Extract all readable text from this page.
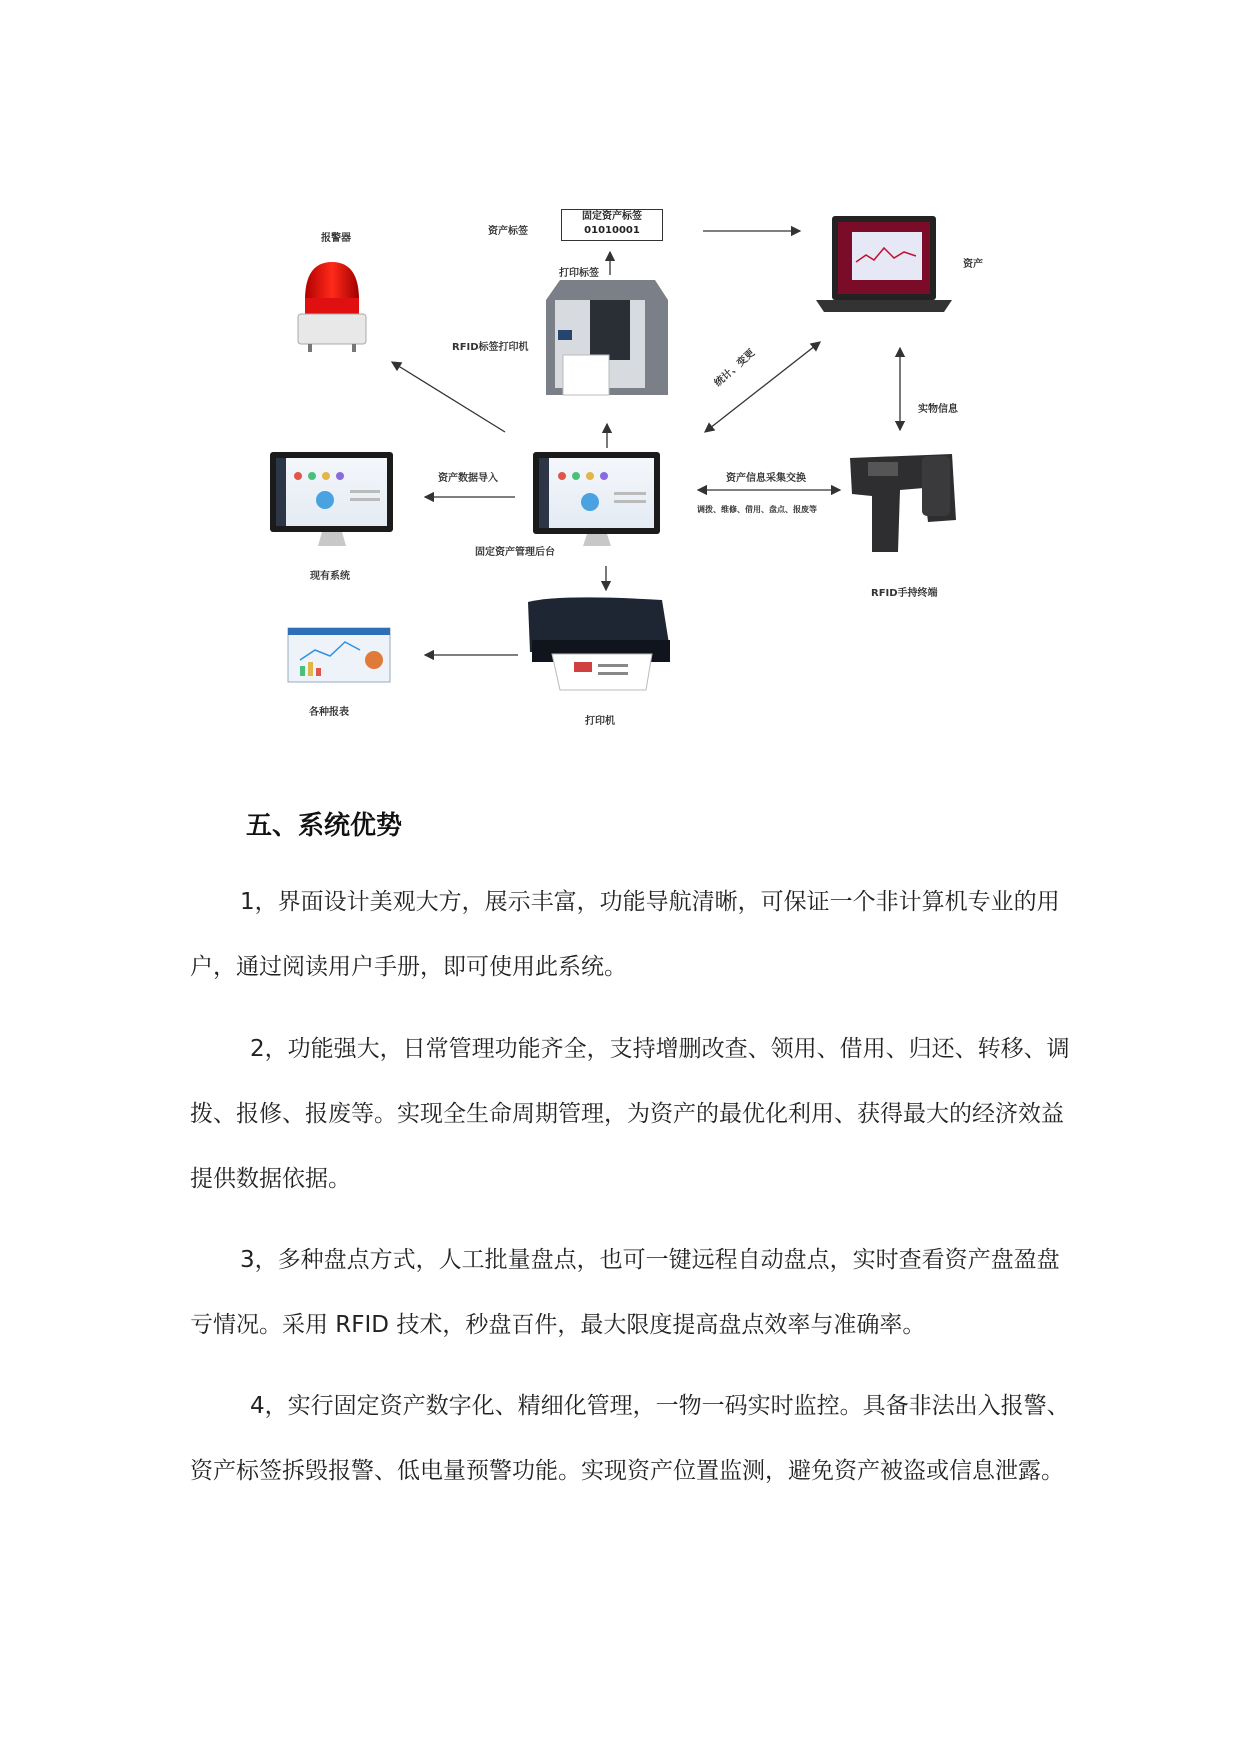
固定资产标签
01010001
报警器
资产标签
打印标签
RFID标签打印机
资产
统计、变更
实物信息
资产数据导入	资产信息采集交换
调拨、维修、借用、盘点、报废等
固定资产管理后台
现有系统
RFID手持终端
各种报表
打印机
五、系统优势

1，界面设计美观大方，展示丰富，功能导航清晰，可保证一个非计算机专业的用户，通过阅读用户手册，即可使用此系统。

2，功能强大，日常管理功能齐全，支持增删改查、领用、借用、归还、转移、调拨、报修、报废等。实现全生命周期管理，为资产的最优化利用、获得最大的经济效益提供数据依据。

3，多种盘点方式，人工批量盘点，也可一键远程自动盘点，实时查看资产盘盈盘亏情况。采用 RFID 技术，秒盘百件，最大限度提高盘点效率与准确率。

4，实行固定资产数字化、精细化管理，一物一码实时监控。具备非法出入报警、资产标签拆毁报警、低电量预警功能。实现资产位置监测，避免资产被盗或信息泄露。
